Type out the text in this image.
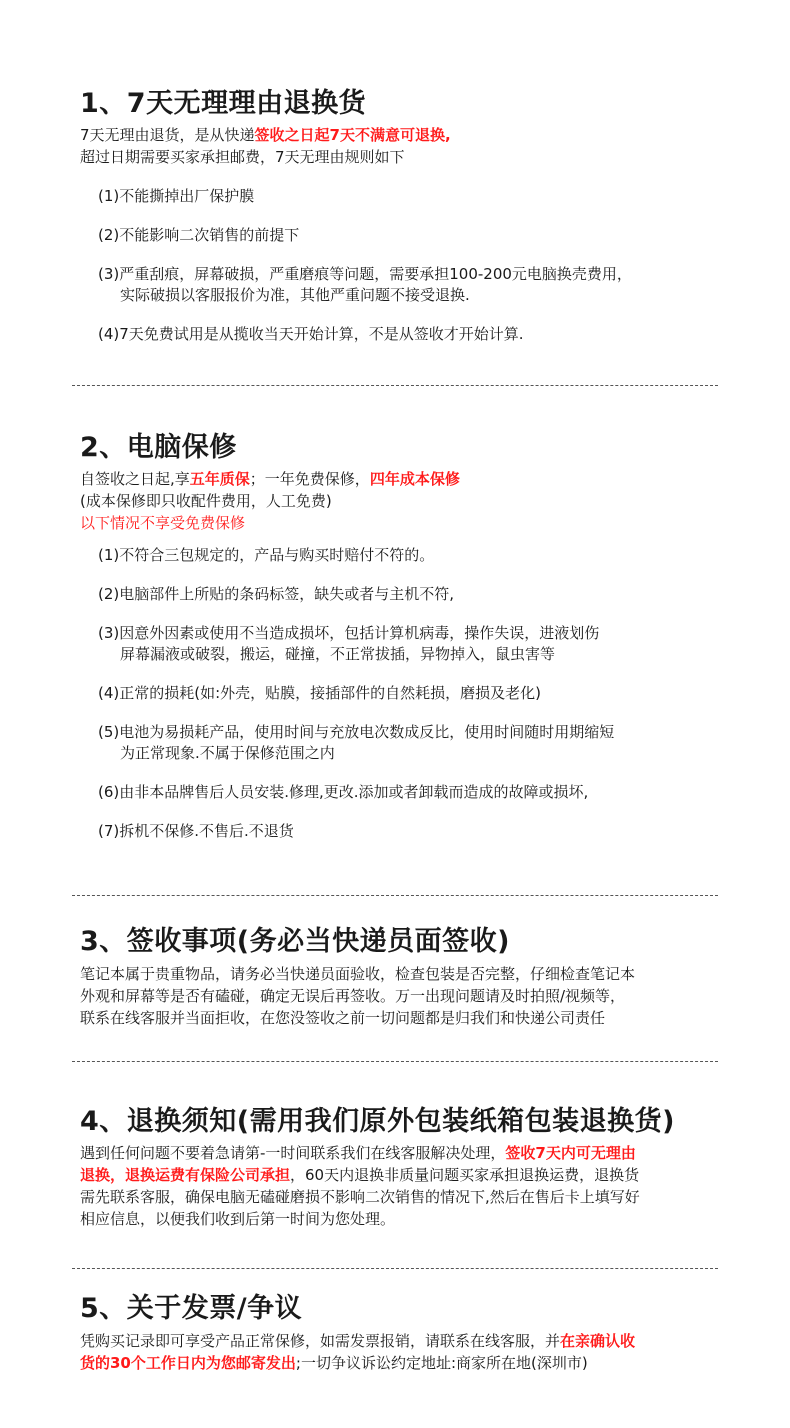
1、7天无理理由退换货

7天无理由退货，是从快递签收之日起7天不满意可退换,
超过日期需要买家承担邮费，7天无理由规则如下

(1)不能撕掉出厂保护膜

(2)不能影响二次销售的前提下

(3)严重刮痕，屏幕破损，严重磨痕等问题，需要承担100-200元电脑换壳费用，
实际破损以客服报价为准，其他严重问题不接受退换.

(4)7天免费试用是从揽收当天开始计算，不是从签收才开始计算.

2、电脑保修

自签收之日起,享五年质保；一年免费保修，四年成本保修

(成本保修即只收配件费用，人工免费)

以下情况不享受免费保修

(1)不符合三包规定的，产品与购买时赔付不符的。

(2)电脑部件上所贴的条码标签，缺失或者与主机不符,

(3)因意外因素或使用不当造成损坏，包括计算机病毒，操作失误，进液划伤
屏幕漏液或破裂，搬运，碰撞，不正常拔插，异物掉入，鼠虫害等

(4)正常的损耗(如:外壳，贴膜，接插部件的自然耗损，磨损及老化)

(5)电池为易损耗产品，使用时间与充放电次数成反比，使用时间随时用期缩短
为正常现象.不属于保修范围之内

(6)由非本品牌售后人员安装.修理,更改.添加或者卸载而造成的故障或损坏,

(7)拆机不保修.不售后.不退货

3、签收事项(务必当快递员面签收)

笔记本属于贵重物品，请务必当快递员面验收，检查包装是否完整，仔细检查笔记本
外观和屏幕等是否有磕碰，确定无误后再签收。万一出现问题请及时拍照/视频等，
联系在线客服并当面拒收，在您没签收之前一切问题都是归我们和快递公司责任

4、退换须知(需用我们原外包装纸箱包装退换货)

遇到任何问题不要着急请第-一时间联系我们在线客服解决处理，签收7天内可无理由
退换，退换运费有保险公司承担，60天内退换非质量问题买家承担退换运费，退换货
需先联系客服，确保电脑无磕碰磨损不影响二次销售的情况下,然后在售后卡上填写好
相应信息，以便我们收到后第一时间为您处理。

5、关于发票/争议

凭购买记录即可享受产品正常保修，如需发票报销，请联系在线客服，并在亲确认收
货的30个工作日内为您邮寄发出;一切争议诉讼约定地址:商家所在地(深圳市)
